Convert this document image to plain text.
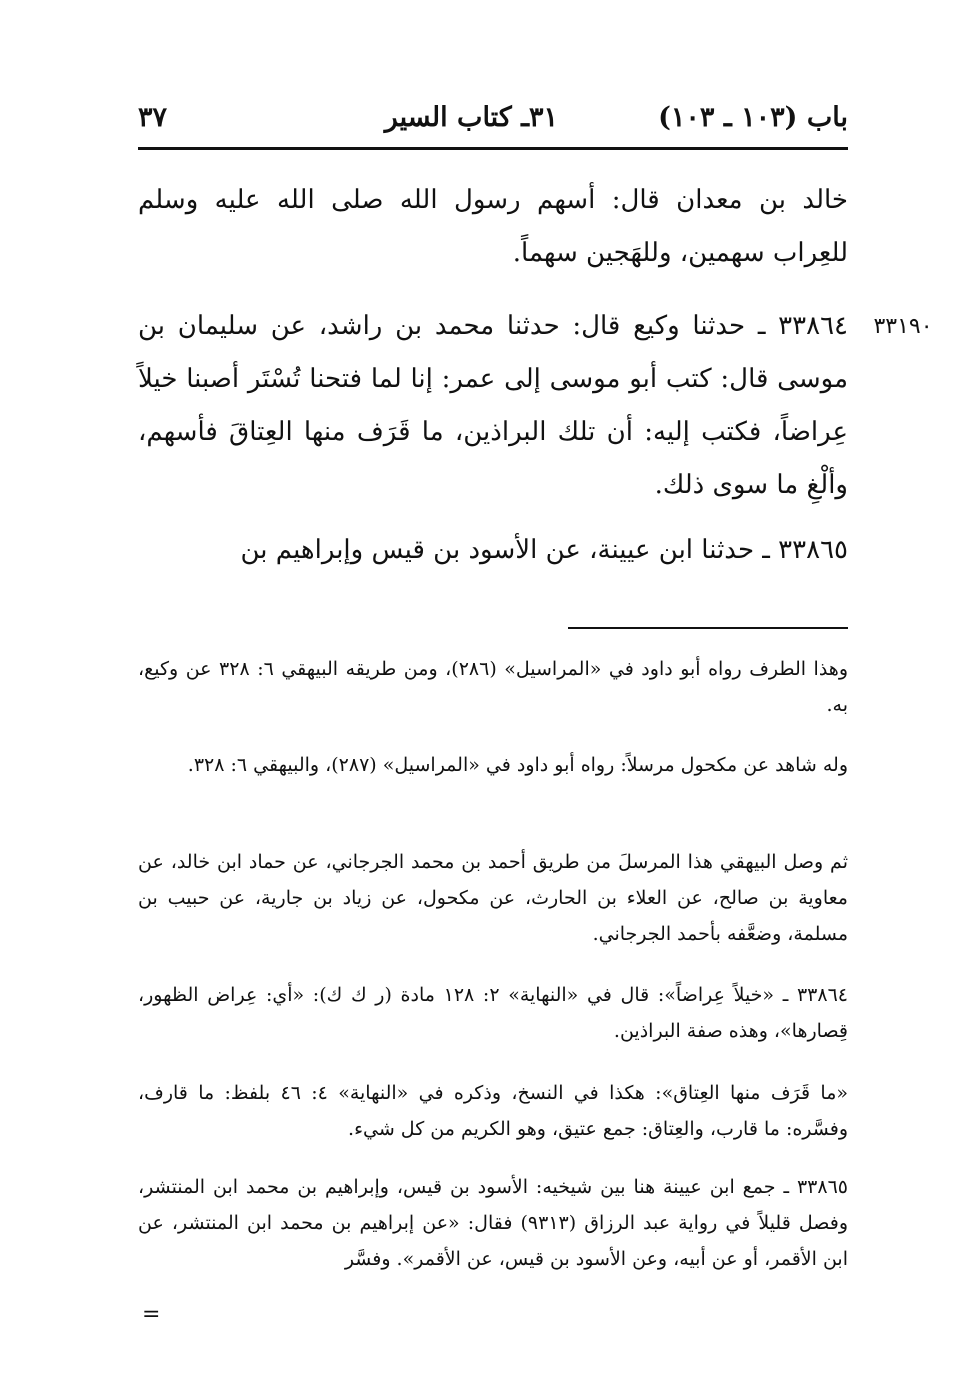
باب (١٠٣ ـ ١٠٣)
٣١ـ كتاب السير
٣٧
خالد بن معدان قال: أسهم رسول الله صلى الله عليه وسلم للعِراب سهمين، وللهَجين سهماً.
٣٣٨٦٤ ـ حدثنا وكيع قال: حدثنا محمد بن راشد، عن سليمان بن موسى قال: كتب أبو موسى إلى عمر: إنا لما فتحنا تُسْتَر أصبنا خيلاً عِراضاً، فكتب إليه: أن تلك البراذين، ما قَرَف منها العِتاقَ فأسهم، وألْغِ ما سوى ذلك.
٣٣١٩٠
٣٣٨٦٥ ـ حدثنا ابن عيينة، عن الأسود بن قيس وإبراهيم بن
وهذا الطرف رواه أبو داود في «المراسيل» (٢٨٦)، ومن طريقه البيهقي ٦: ٣٢٨ عن وكيع، به.
وله شاهد عن مكحول مرسلاً: رواه أبو داود في «المراسيل» (٢٨٧)، والبيهقي ٦: ٣٢٨.
ثم وصل البيهقي هذا المرسلَ من طريق أحمد بن محمد الجرجاني، عن حماد ابن خالد، عن معاوية بن صالح، عن العلاء بن الحارث، عن مكحول، عن زياد بن جارية، عن حبيب بن مسلمة، وضعَّفه بأحمد الجرجاني.
٣٣٨٦٤ ـ «خيلاً عِراضاً»: قال في «النهاية» ٢: ١٢٨ مادة (ر ك ك): «أي: عِراض الظهور، قِصارها»، وهذه صفة البراذين.
«ما قَرَف منها العِتاق»: هكذا في النسخ، وذكره في «النهاية» ٤: ٤٦ بلفظ: ما قارف، وفسَّره: ما قارب، والعِتاق: جمع عتيق، وهو الكريم من كل شيء.
٣٣٨٦٥ ـ جمع ابن عيينة هنا بين شيخيه: الأسود بن قيس، وإبراهيم بن محمد ابن المنتشر، وفصل قليلاً في رواية عبد الرزاق (٩٣١٣) فقال: «عن إبراهيم بن محمد ابن المنتشر، عن ابن الأقمر، أو عن أبيه، وعن الأسود بن قيس، عن الأقمر». وفسَّر
=
